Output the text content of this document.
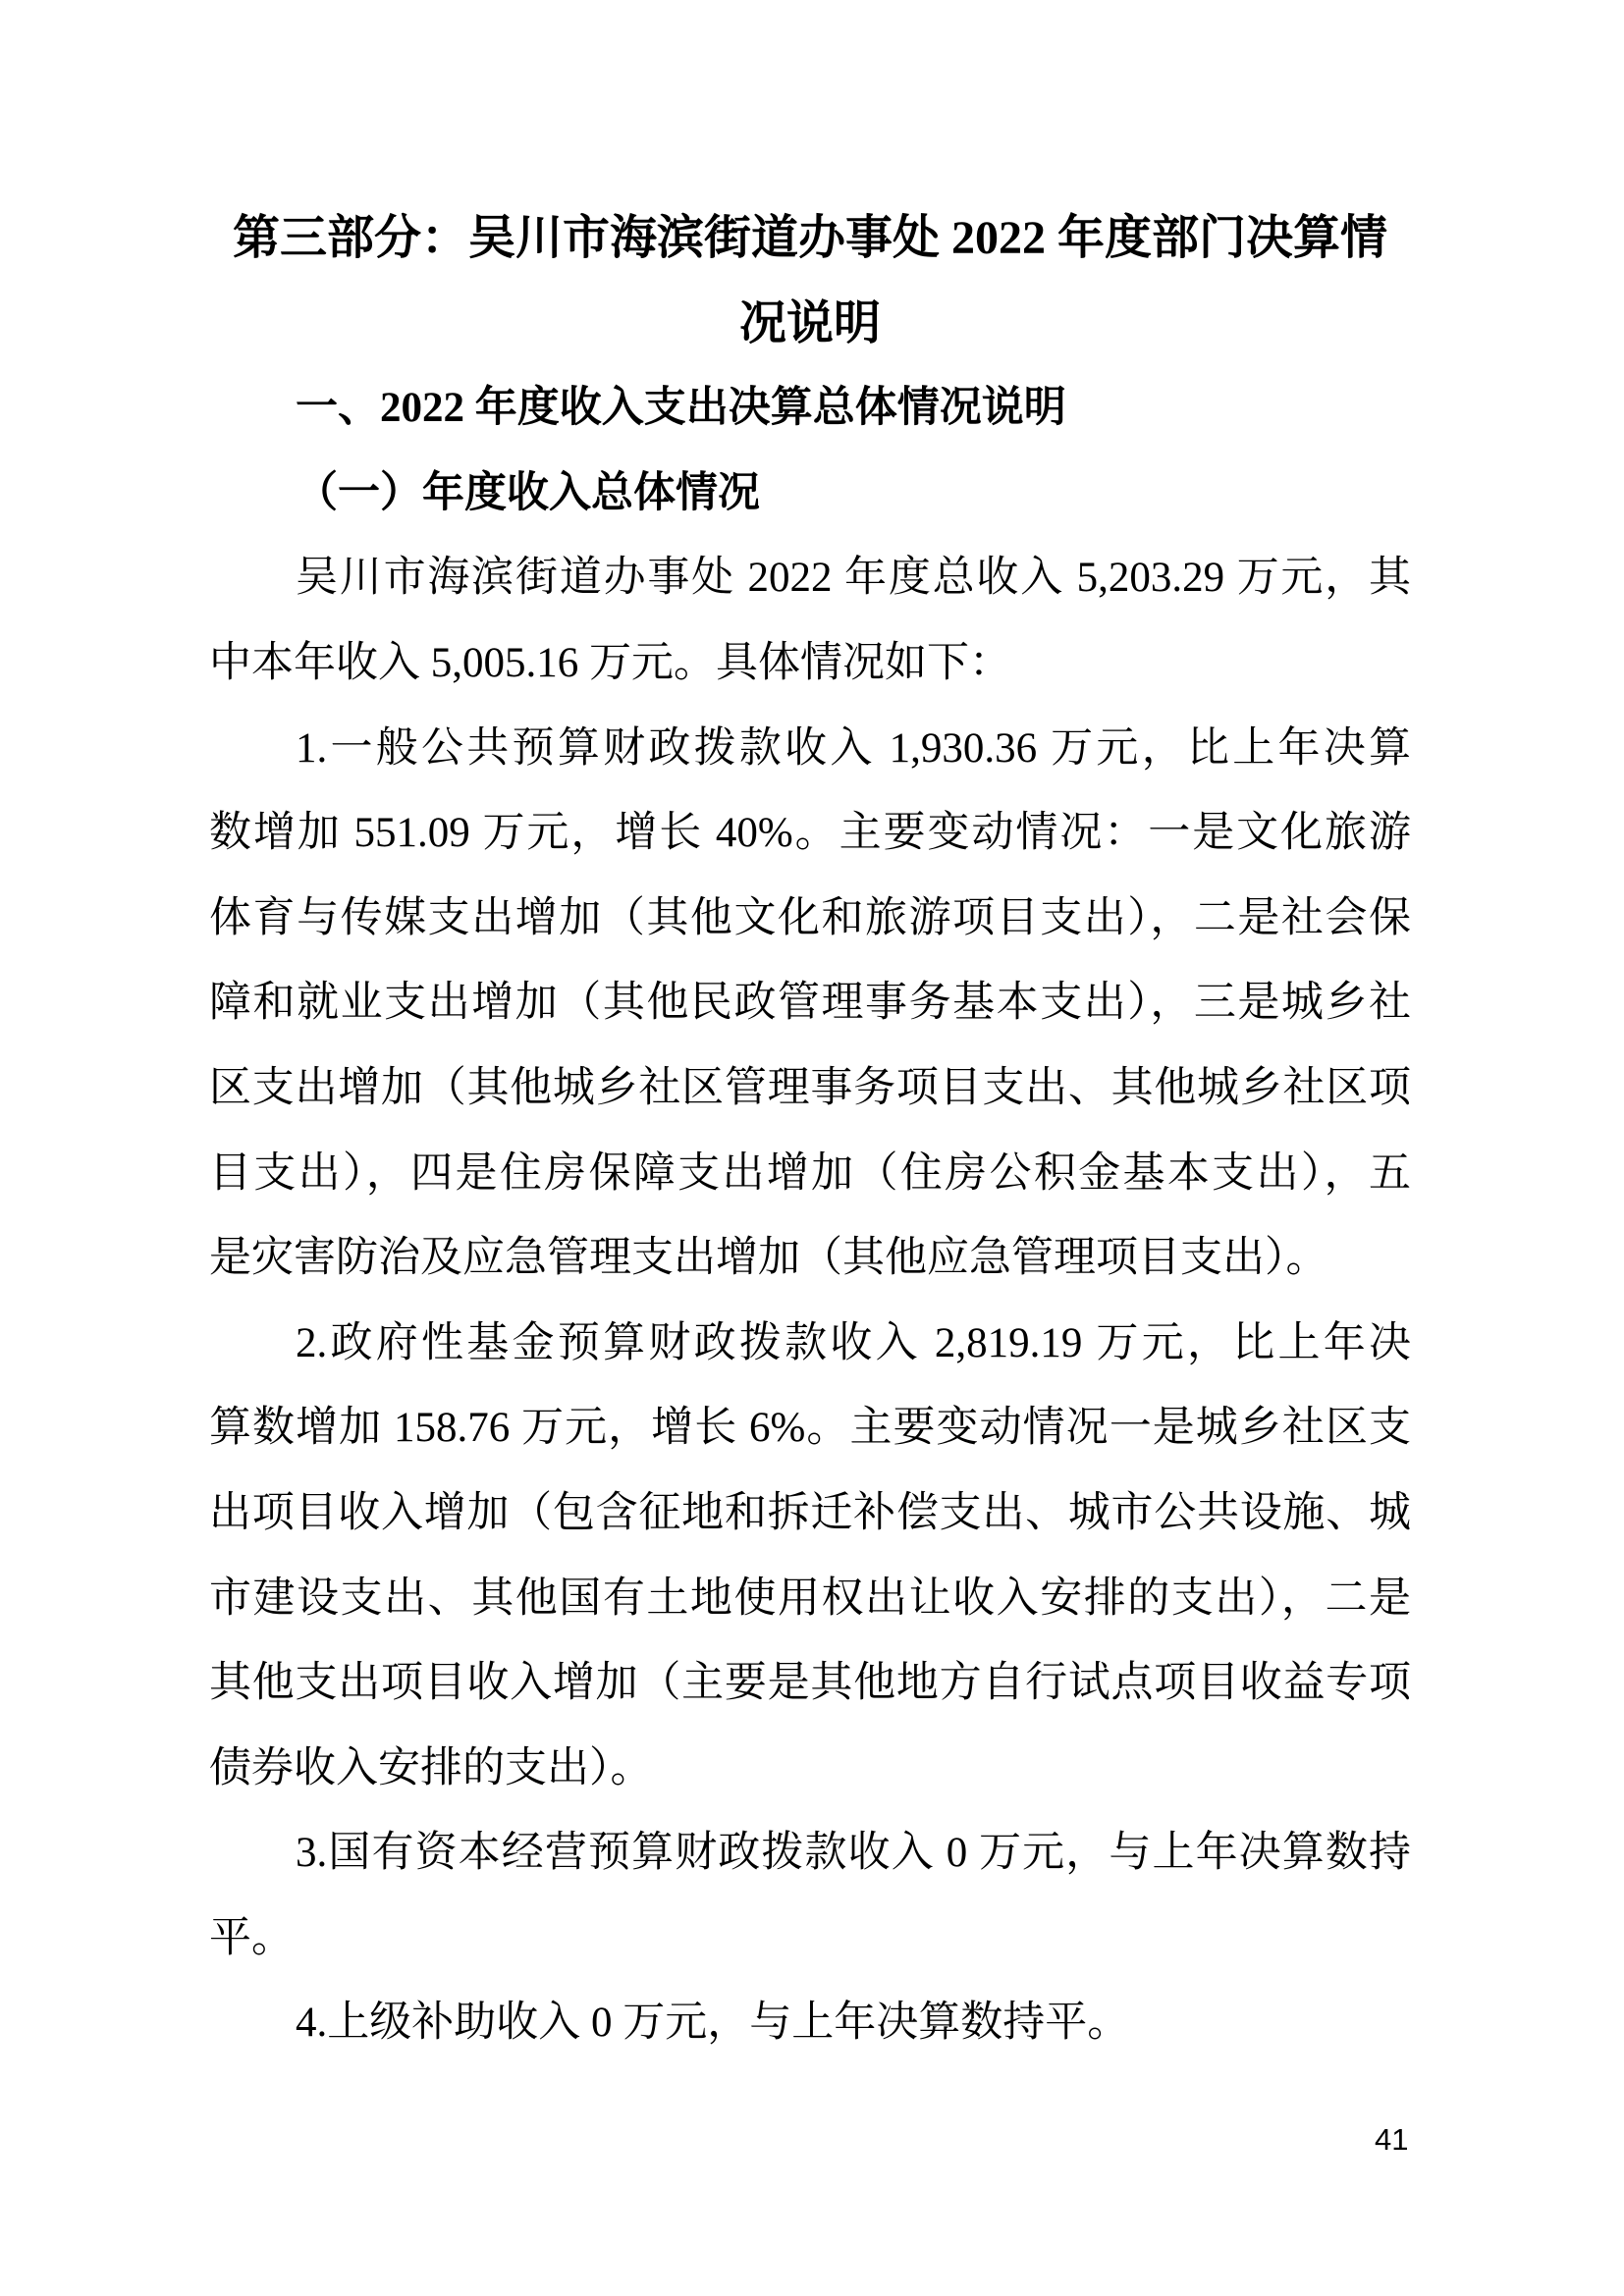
第三部分：吴川市海滨街道办事处 2022 年度部门决算情
况说明
一、2022 年度收入支出决算总体情况说明
（一）年度收入总体情况
吴川市海滨街道办事处 2022 年度总收入 5,203.29 万元，其
中本年收入 5,005.16 万元。具体情况如下：
1.一般公共预算财政拨款收入 1,930.36 万元，比上年决算
数增加 551.09 万元，增长 40%。主要变动情况：一是文化旅游
体育与传媒支出增加（其他文化和旅游项目支出），二是社会保
障和就业支出增加（其他民政管理事务基本支出），三是城乡社
区支出增加（其他城乡社区管理事务项目支出、其他城乡社区项
目支出），四是住房保障支出增加（住房公积金基本支出），五
是灾害防治及应急管理支出增加（其他应急管理项目支出）。
2.政府性基金预算财政拨款收入 2,819.19 万元，比上年决
算数增加 158.76 万元，增长 6%。主要变动情况一是城乡社区支
出项目收入增加（包含征地和拆迁补偿支出、城市公共设施、城
市建设支出、其他国有土地使用权出让收入安排的支出），二是
其他支出项目收入增加（主要是其他地方自行试点项目收益专项
债券收入安排的支出）。
3.国有资本经营预算财政拨款收入 0 万元，与上年决算数持
平。
4.上级补助收入 0 万元，与上年决算数持平。
41
